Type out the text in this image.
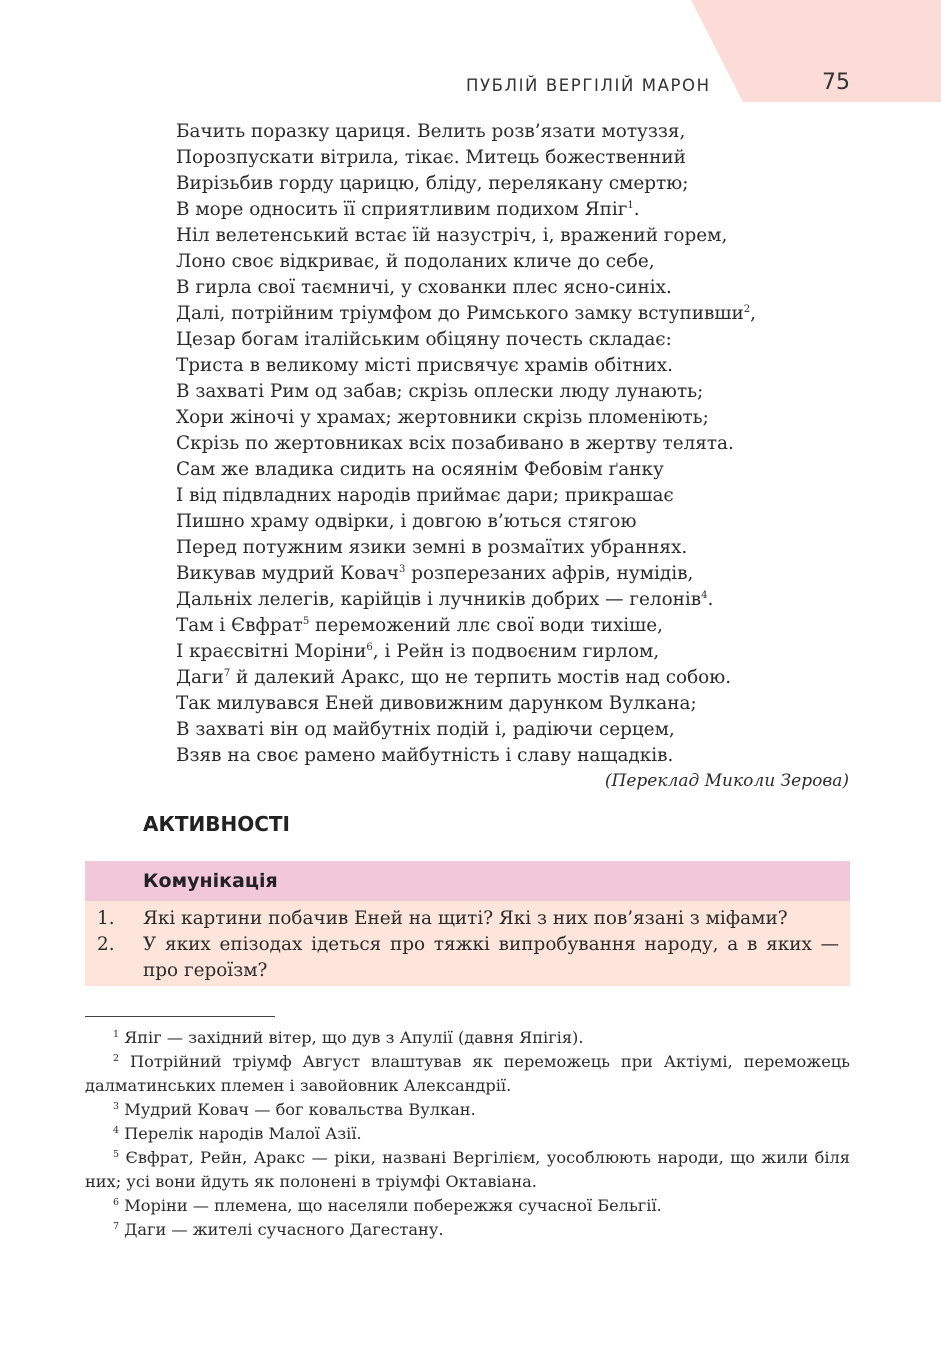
ПУБЛІЙ ВЕРГІЛІЙ МАРОН	75
Бачить поразку цариця. Велить розв’язати мотуззя,
Порозпускати вітрила, тікає. Митець божественний
Вирізьбив горду царицю, бліду, перелякану смертю;
В море односить її сприятливим подихом Япіг$^1$.
Ніл велетенський встає їй назустріч, і, вражений горем,
Лоно своє відкриває, й подоланих кличе до себе,
В гирла свої таємничі, у схованки плес ясно-синіх.
Далі, потрійним тріумфом до Римського замку вступивши$^2$,
Цезар богам італійським обіцяну почесть складає:
Триста в великому місті присвячує храмів обітних.
В захваті Рим од забав; скрізь оплески люду лунають;
Хори жіночі у храмах; жертовники скрізь пломеніють;
Скрізь по жертовниках всіх позабивано в жертву телята.
Сам же владика сидить на осяянім Фебовім ґанку
І від підвладних народів приймає дари; прикрашає
Пишно храму одвірки, і довгою в’ються стягою
Перед потужним язики земні в розмаїтих убраннях.
Викував мудрий Ковач$^3$ розперезаних афрів, нумідів,
Дальніх лелегів, карійців і лучників добрих — гелонів$^4$.
Там і Євфрат$^5$ переможений ллє свої води тихіше,
І краєсвітні Моріни$^6$, і Рейн із подвоєним гирлом,
Даги$^7$ й далекий Аракс, що не терпить мостів над собою.
Так милувався Еней дивовижним дарунком Вулкана;
В захваті він од майбутніх подій і, радіючи серцем,
Взяв на своє рамено майбутність і славу нащадків.
(Переклад Миколи Зерова)
АКТИВНОСТІ
Комунікація
1. Які картини побачив Еней на щиті? Які з них пов’язані з міфами?
2. У яких епізодах ідеться про тяжкі випробування народу, а в яких — про героїзм?
$^1$ Япіг — західний вітер, що дув з Апулії (давня Япігія).
$^2$ Потрійний тріумф Август влаштував як переможець при Актіумі, переможець далматинських племен і завойовник Александрії.
$^3$ Мудрий Ковач — бог ковальства Вулкан.
$^4$ Перелік народів Малої Азії.
$^5$ Євфрат, Рейн, Аракс — ріки, названі Вергілієм, уособлюють народи, що жили біля них; усі вони йдуть як полонені в тріумфі Октавіана.
$^6$ Моріни — племена, що населяли побережжя сучасної Бельгії.
$^7$ Даги — жителі сучасного Дагестану.
